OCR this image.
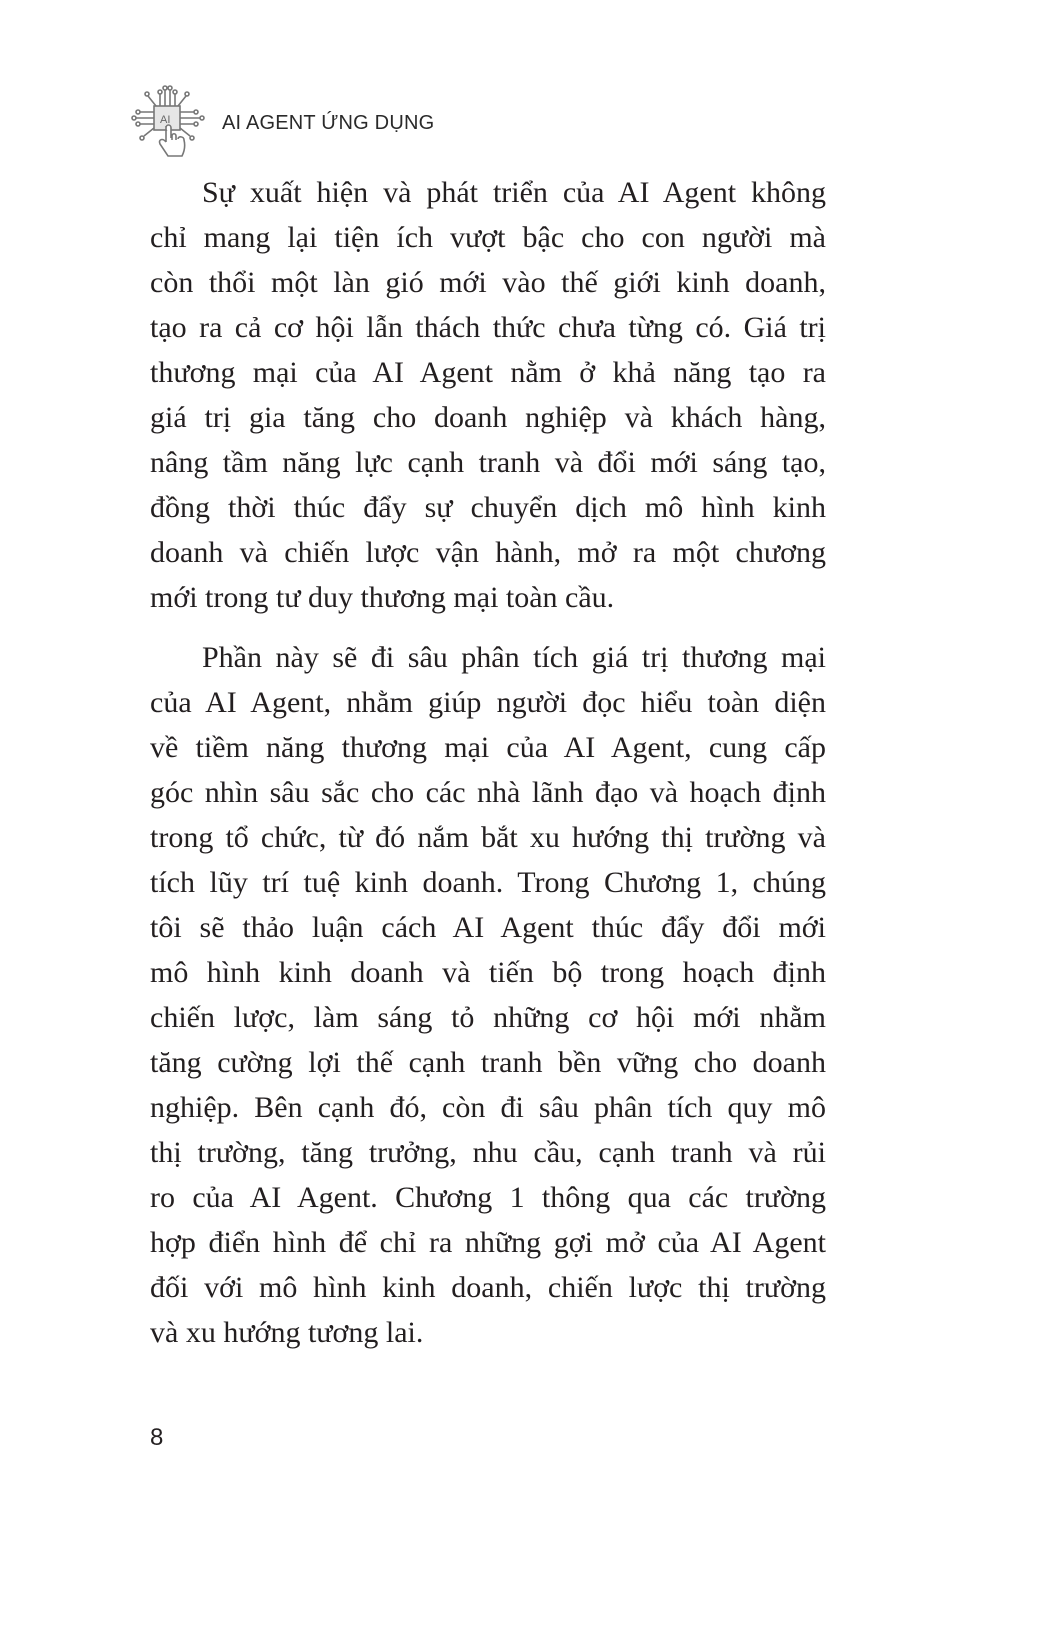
AI	AI AGENT ỨNG DỤNG
Sự xuất hiện và phát triển của AI Agent không
chỉ mang lại tiện ích vượt bậc cho con người mà
còn thổi một làn gió mới vào thế giới kinh doanh,
tạo ra cả cơ hội lẫn thách thức chưa từng có. Giá trị
thương mại của AI Agent nằm ở khả năng tạo ra
giá trị gia tăng cho doanh nghiệp và khách hàng,
nâng tầm năng lực cạnh tranh và đổi mới sáng tạo,
đồng thời thúc đẩy sự chuyển dịch mô hình kinh
doanh và chiến lược vận hành, mở ra một chương
mới trong tư duy thương mại toàn cầu.
Phần này sẽ đi sâu phân tích giá trị thương mại
của AI Agent, nhằm giúp người đọc hiểu toàn diện
về tiềm năng thương mại của AI Agent, cung cấp
góc nhìn sâu sắc cho các nhà lãnh đạo và hoạch định
trong tổ chức, từ đó nắm bắt xu hướng thị trường và
tích lũy trí tuệ kinh doanh. Trong Chương 1, chúng
tôi sẽ thảo luận cách AI Agent thúc đẩy đổi mới
mô hình kinh doanh và tiến bộ trong hoạch định
chiến lược, làm sáng tỏ những cơ hội mới nhằm
tăng cường lợi thế cạnh tranh bền vững cho doanh
nghiệp. Bên cạnh đó, còn đi sâu phân tích quy mô
thị trường, tăng trưởng, nhu cầu, cạnh tranh và rủi
ro của AI Agent. Chương 1 thông qua các trường
hợp điển hình để chỉ ra những gợi mở của AI Agent
đối với mô hình kinh doanh, chiến lược thị trường
và xu hướng tương lai.
8
